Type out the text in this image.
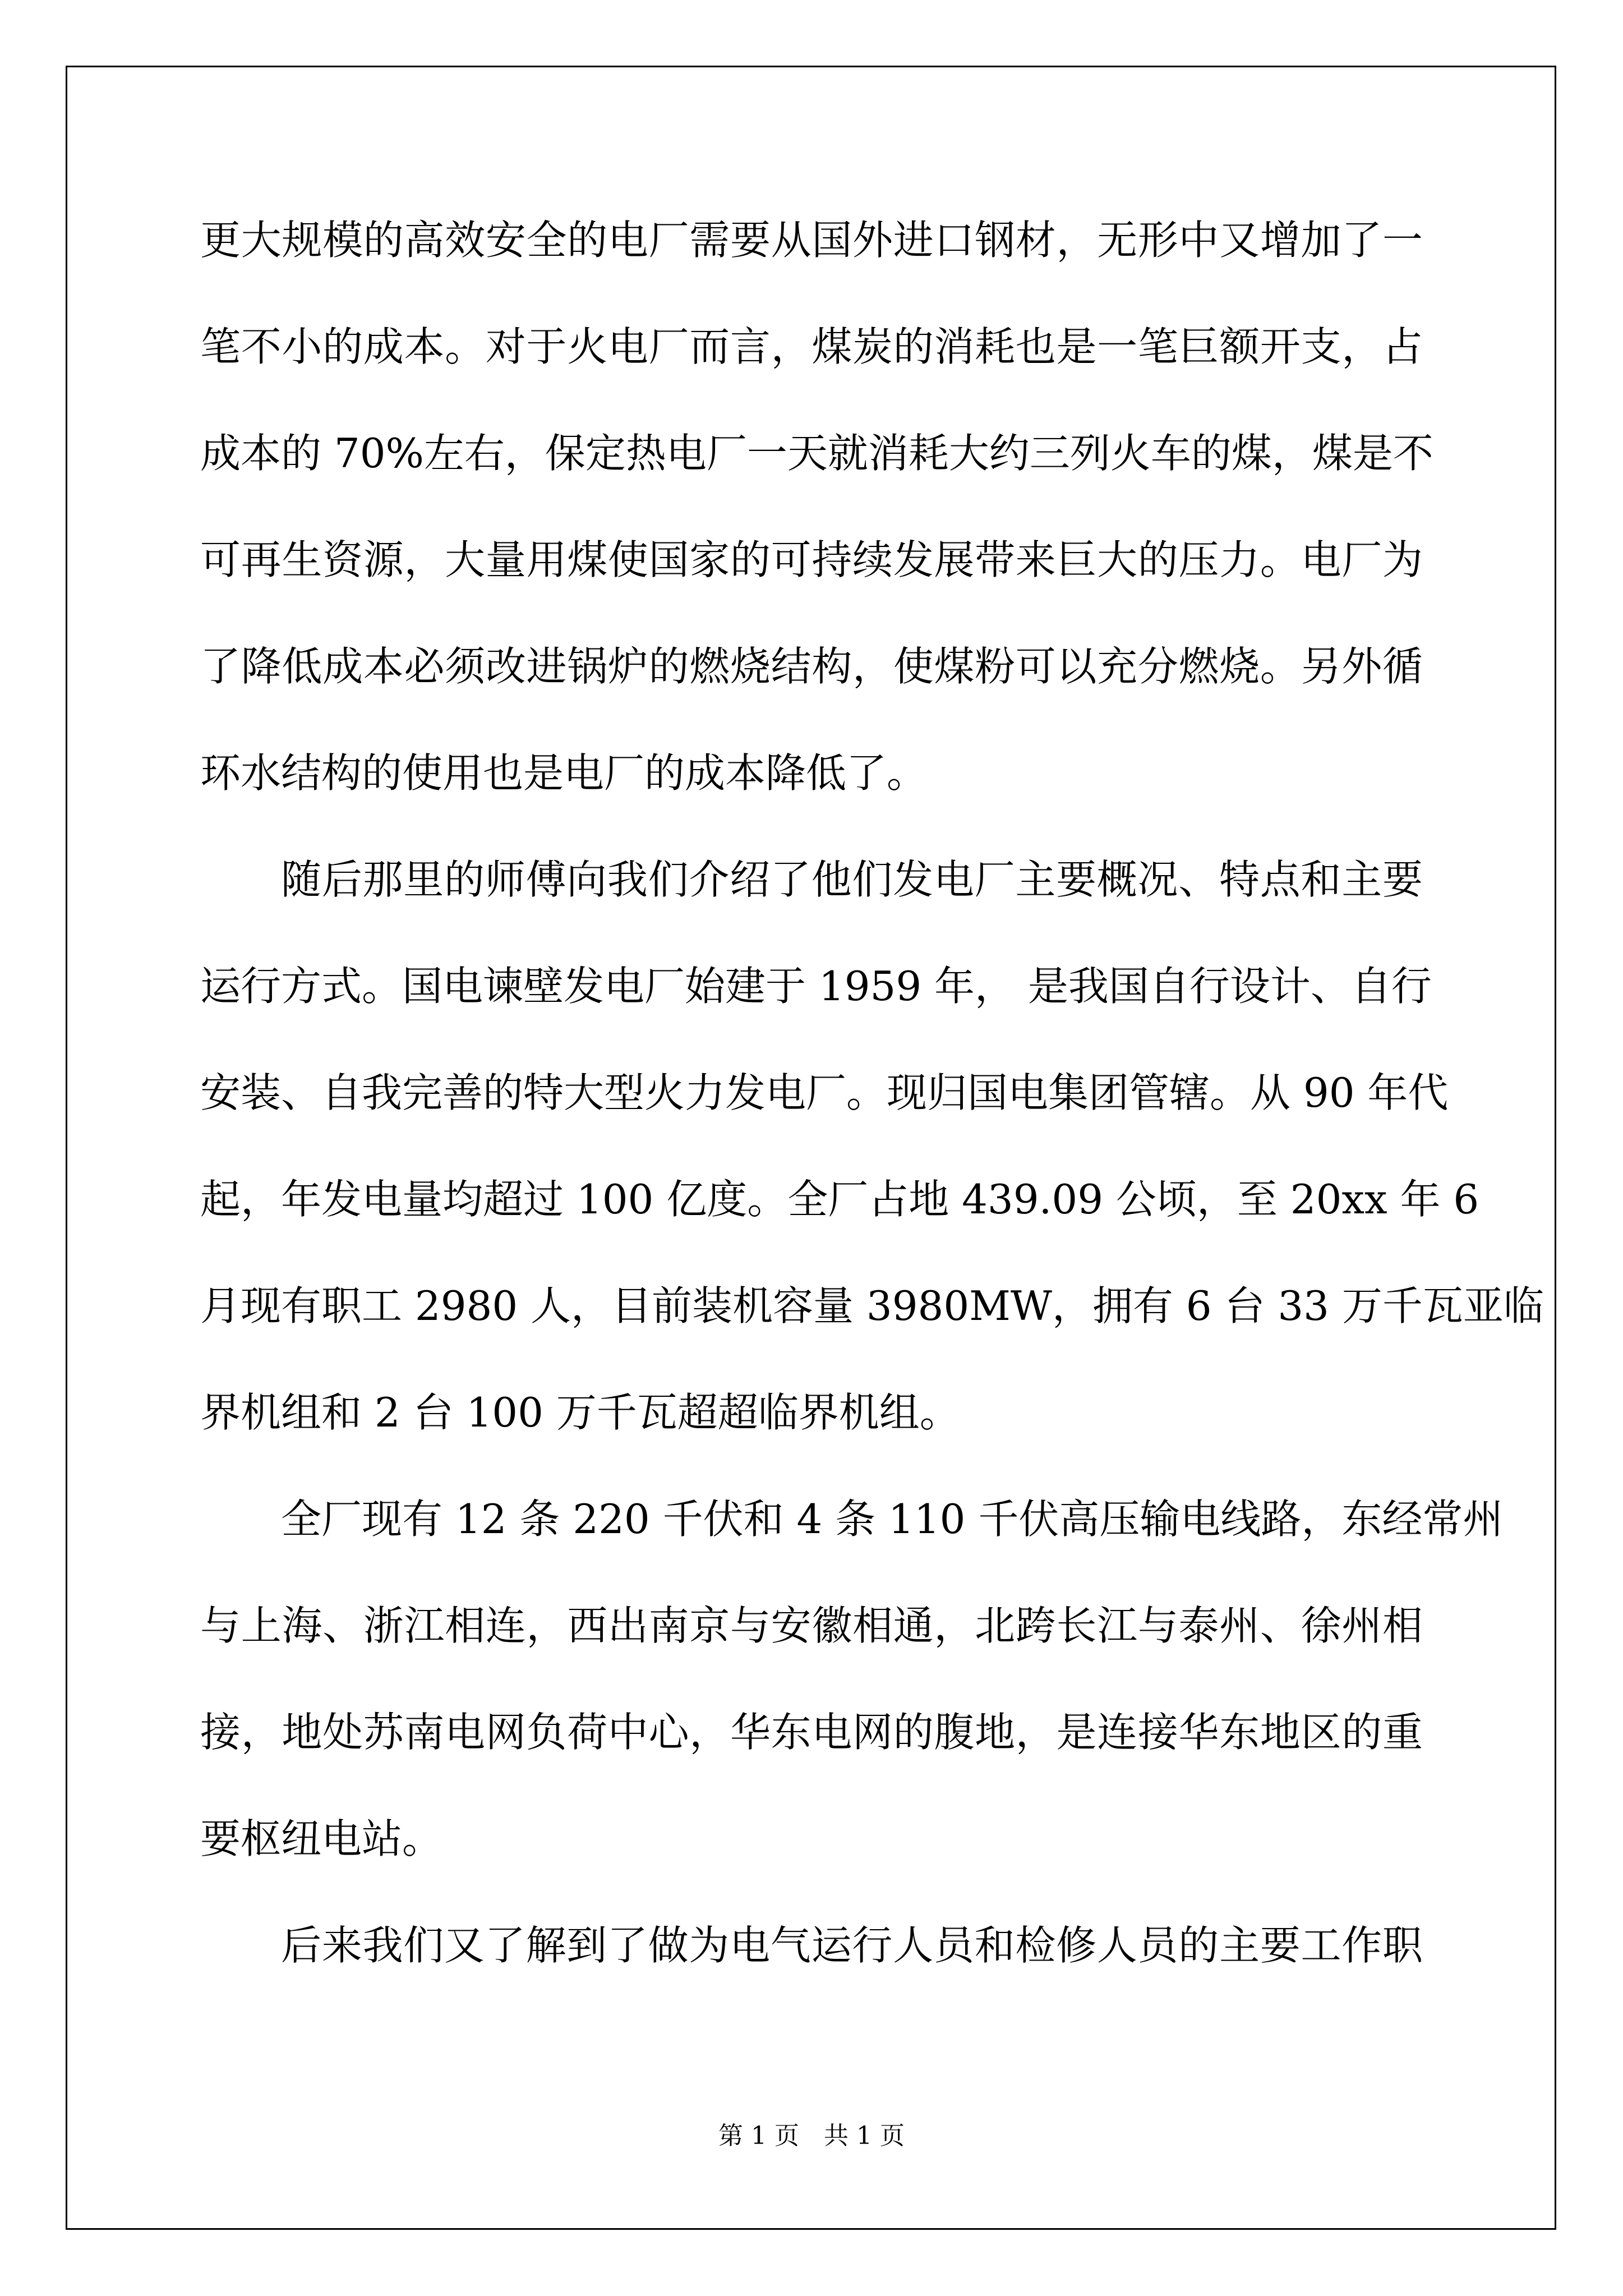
更大规模的高效安全的电厂需要从国外进口钢材，无形中又增加了一
笔不小的成本。对于火电厂而言，煤炭的消耗也是一笔巨额开支，占
成本的 70%左右，保定热电厂一天就消耗大约三列火车的煤，煤是不
可再生资源，大量用煤使国家的可持续发展带来巨大的压力。电厂为
了降低成本必须改进锅炉的燃烧结构，使煤粉可以充分燃烧。另外循
环水结构的使用也是电厂的成本降低了。
随后那里的师傅向我们介绍了他们发电厂主要概况、特点和主要
运行方式。国电谏壁发电厂始建于 1959 年， 是我国自行设计、自行
安装、自我完善的特大型火力发电厂。现归国电集团管辖。从 90 年代
起，年发电量均超过 100 亿度。全厂占地 439.09 公顷，至 20xx 年 6
月现有职工 2980 人，目前装机容量 3980MW，拥有 6 台 33 万千瓦亚临
界机组和 2 台 100 万千瓦超超临界机组。
全厂现有 12 条 220 千伏和 4 条 110 千伏高压输电线路，东经常州
与上海、浙江相连，西出南京与安徽相通，北跨长江与泰州、徐州相
接，地处苏南电网负荷中心，华东电网的腹地，是连接华东地区的重
要枢纽电站。
后来我们又了解到了做为电气运行人员和检修人员的主要工作职
第 1 页　共 1 页
